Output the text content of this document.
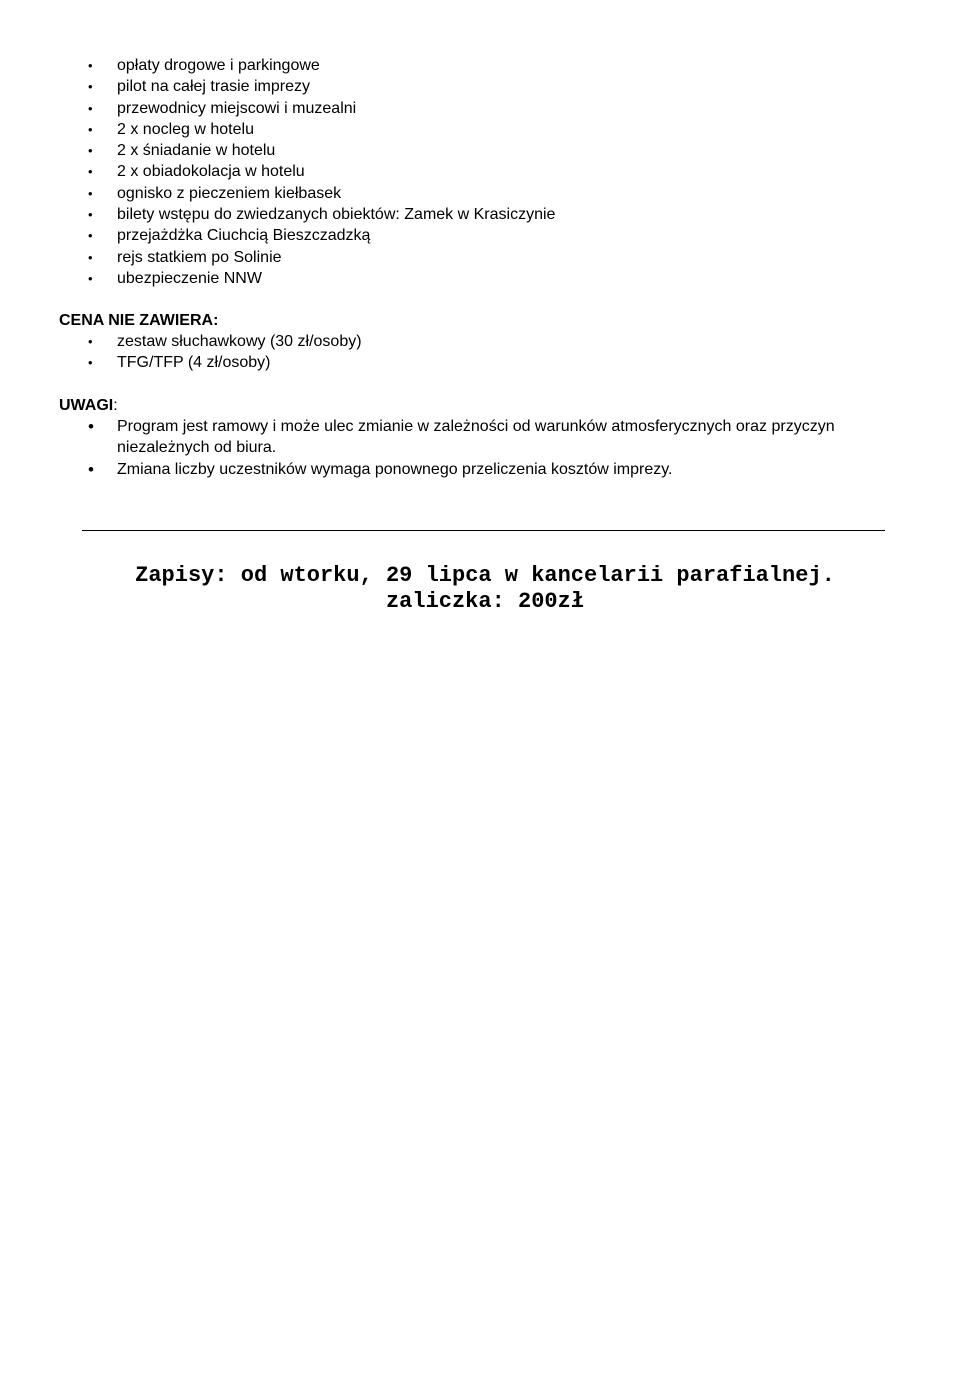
• opłaty drogowe i parkingowe
• pilot na całej trasie imprezy
• przewodnicy miejscowi i muzealni
• 2 x nocleg w hotelu
• 2 x śniadanie w hotelu
• 2 x obiadokolacja w hotelu
• ognisko z pieczeniem kiełbasek
• bilety wstępu do zwiedzanych obiektów: Zamek w Krasiczynie
• przejażdżka Ciuchcią Bieszczadzką
• rejs statkiem po Solinie
• ubezpieczenie NNW
CENA NIE ZAWIERA:
• zestaw słuchawkowy (30 zł/osoby)
• TFG/TFP (4 zł/osoby)
UWAGI:
• Program jest ramowy i może ulec zmianie w zależności od warunków atmosferycznych oraz przyczyn niezależnych od biura.
• Zmiana liczby uczestników wymaga ponownego przeliczenia kosztów imprezy.
Zapisy: od wtorku, 29 lipca w kancelarii parafialnej.
zaliczka: 200zł
